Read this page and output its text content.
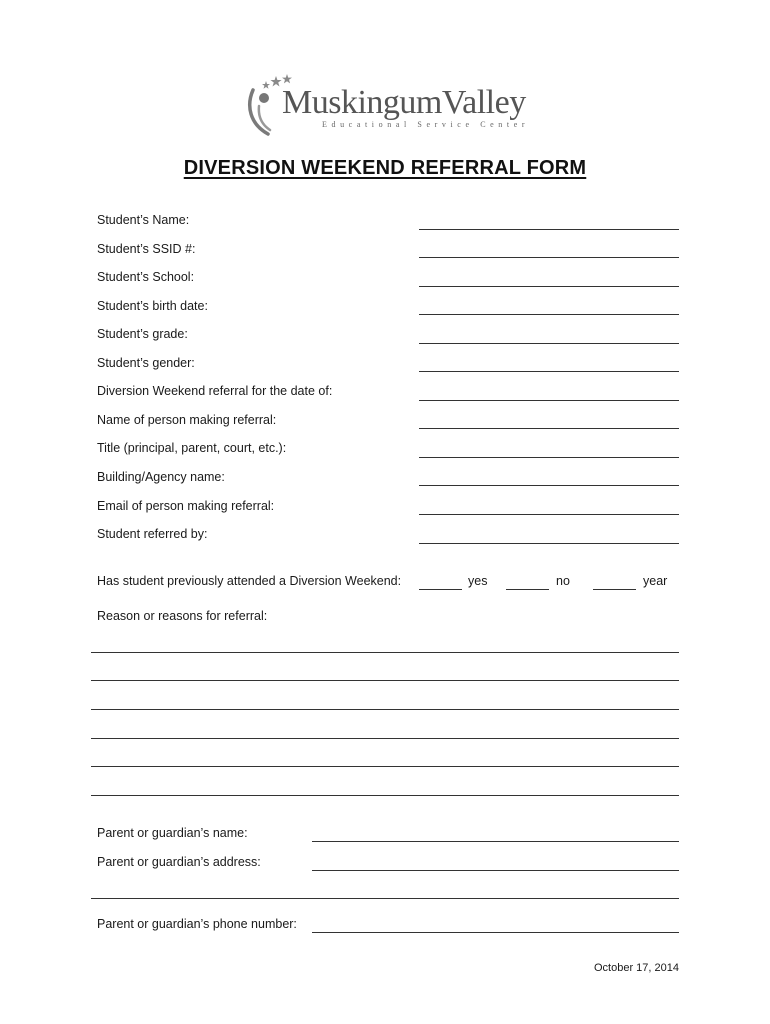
MuskingumValley
Educational Service Center
DIVERSION WEEKEND REFERRAL FORM
Student’s Name:
Student’s SSID #:
Student’s School:
Student’s birth date:
Student’s grade:
Student’s gender:
Diversion Weekend referral for the date of:
Name of person making referral:
Title (principal, parent, court, etc.):
Building/Agency name:
Email of person making referral:
Student referred by:
Has student previously attended a Diversion Weekend:	yes	no	year
Reason or reasons for referral:
Parent or guardian’s name:
Parent or guardian’s address:
Parent or guardian’s phone number:
October 17, 2014
